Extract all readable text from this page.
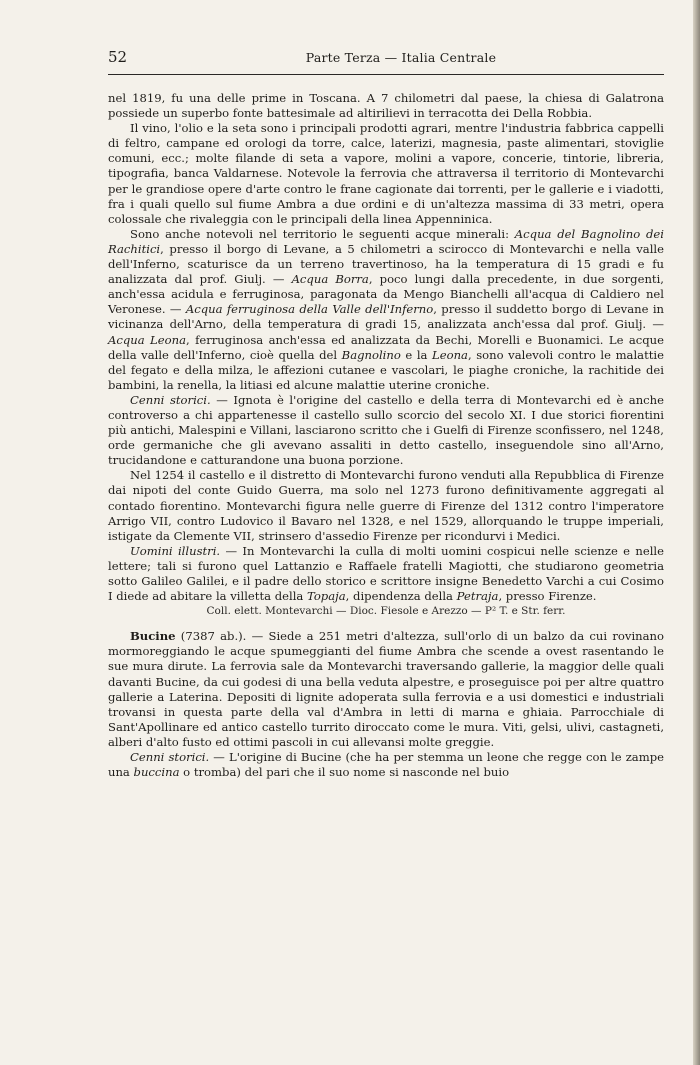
52	Parte Terza — Italia Centrale

nel 1819, fu una delle prime in Toscana. A 7 chilometri dal paese, la chiesa di Galatrona possiede un superbo fonte battesimale ad altirilievi in terracotta dei Della Robbia.

Il vino, l'olio e la seta sono i principali prodotti agrari, mentre l'industria fabbrica cappelli di feltro, campane ed orologi da torre, calce, laterizi, magnesia, paste alimentari, stoviglie comuni, ecc.; molte filande di seta a vapore, molini a vapore, concerie, tintorie, libreria, tipografia, banca Valdarnese. Notevole la ferrovia che attraversa il territorio di Montevarchi per le grandiose opere d'arte contro le frane cagionate dai torrenti, per le gallerie e i viadotti, fra i quali quello sul fiume Ambra a due ordini e di un'altezza massima di 33 metri, opera colossale che rivaleggia con le principali della linea Appenninica.

Sono anche notevoli nel territorio le seguenti acque minerali: Acqua del Bagnolino dei Rachitici, presso il borgo di Levane, a 5 chilometri a scirocco di Montevarchi e nella valle dell'Inferno, scaturisce da un terreno travertinoso, ha la temperatura di 15 gradi e fu analizzata dal prof. Giulj. — Acqua Borra, poco lungi dalla precedente, in due sorgenti, anch'essa acidula e ferruginosa, paragonata da Mengo Bianchelli all'acqua di Caldiero nel Veronese. — Acqua ferruginosa della Valle dell'Inferno, presso il suddetto borgo di Levane in vicinanza dell'Arno, della temperatura di gradi 15, analizzata anch'essa dal prof. Giulj. — Acqua Leona, ferruginosa anch'essa ed analizzata da Bechi, Morelli e Buonamici. Le acque della valle dell'Inferno, cioè quella del Bagnolino e la Leona, sono valevoli contro le malattie del fegato e della milza, le affezioni cutanee e vascolari, le piaghe croniche, la rachitide dei bambini, la renella, la litiasi ed alcune malattie uterine croniche.

Cenni storici. — Ignota è l'origine del castello e della terra di Montevarchi ed è anche controverso a chi appartenesse il castello sullo scorcio del secolo XI. I due storici fiorentini più antichi, Malespini e Villani, lasciarono scritto che i Guelfi di Firenze sconfissero, nel 1248, orde germaniche che gli avevano assaliti in detto castello, inseguendole sino all'Arno, trucidandone e catturandone una buona porzione.

Nel 1254 il castello e il distretto di Montevarchi furono venduti alla Repubblica di Firenze dai nipoti del conte Guido Guerra, ma solo nel 1273 furono definitivamente aggregati al contado fiorentino. Montevarchi figura nelle guerre di Firenze del 1312 contro l'imperatore Arrigo VII, contro Ludovico il Bavaro nel 1328, e nel 1529, allorquando le truppe imperiali, istigate da Clemente VII, strinsero d'assedio Firenze per ricondurvi i Medici.

Uomini illustri. — In Montevarchi la culla di molti uomini cospicui nelle scienze e nelle lettere; tali si furono quel Lattanzio e Raffaele fratelli Magiotti, che studiarono geometria sotto Galileo Galilei, e il padre dello storico e scrittore insigne Benedetto Varchi a cui Cosimo I diede ad abitare la villetta della Topaja, dipendenza della Petraja, presso Firenze.

Coll. elett. Montevarchi — Dioc. Fiesole e Arezzo — P² T. e Str. ferr.

Bucine (7387 ab.). — Siede a 251 metri d'altezza, sull'orlo di un balzo da cui rovinano mormoreggiando le acque spumeggianti del fiume Ambra che scende a ovest rasentando le sue mura dirute. La ferrovia sale da Montevarchi traversando gallerie, la maggior delle quali davanti Bucine, da cui godesi di una bella veduta alpestre, e proseguisce poi per altre quattro gallerie a Laterina. Depositi di lignite adoperata sulla ferrovia e a usi domestici e industriali trovansi in questa parte della val d'Ambra in letti di marna e ghiaia. Parrocchiale di Sant'Apollinare ed antico castello turrito diroccato come le mura. Viti, gelsi, ulivi, castagneti, alberi d'alto fusto ed ottimi pascoli in cui allevansi molte greggie.

Cenni storici. — L'origine di Bucine (che ha per stemma un leone che regge con le zampe una buccina o tromba) del pari che il suo nome si nasconde nel buio
